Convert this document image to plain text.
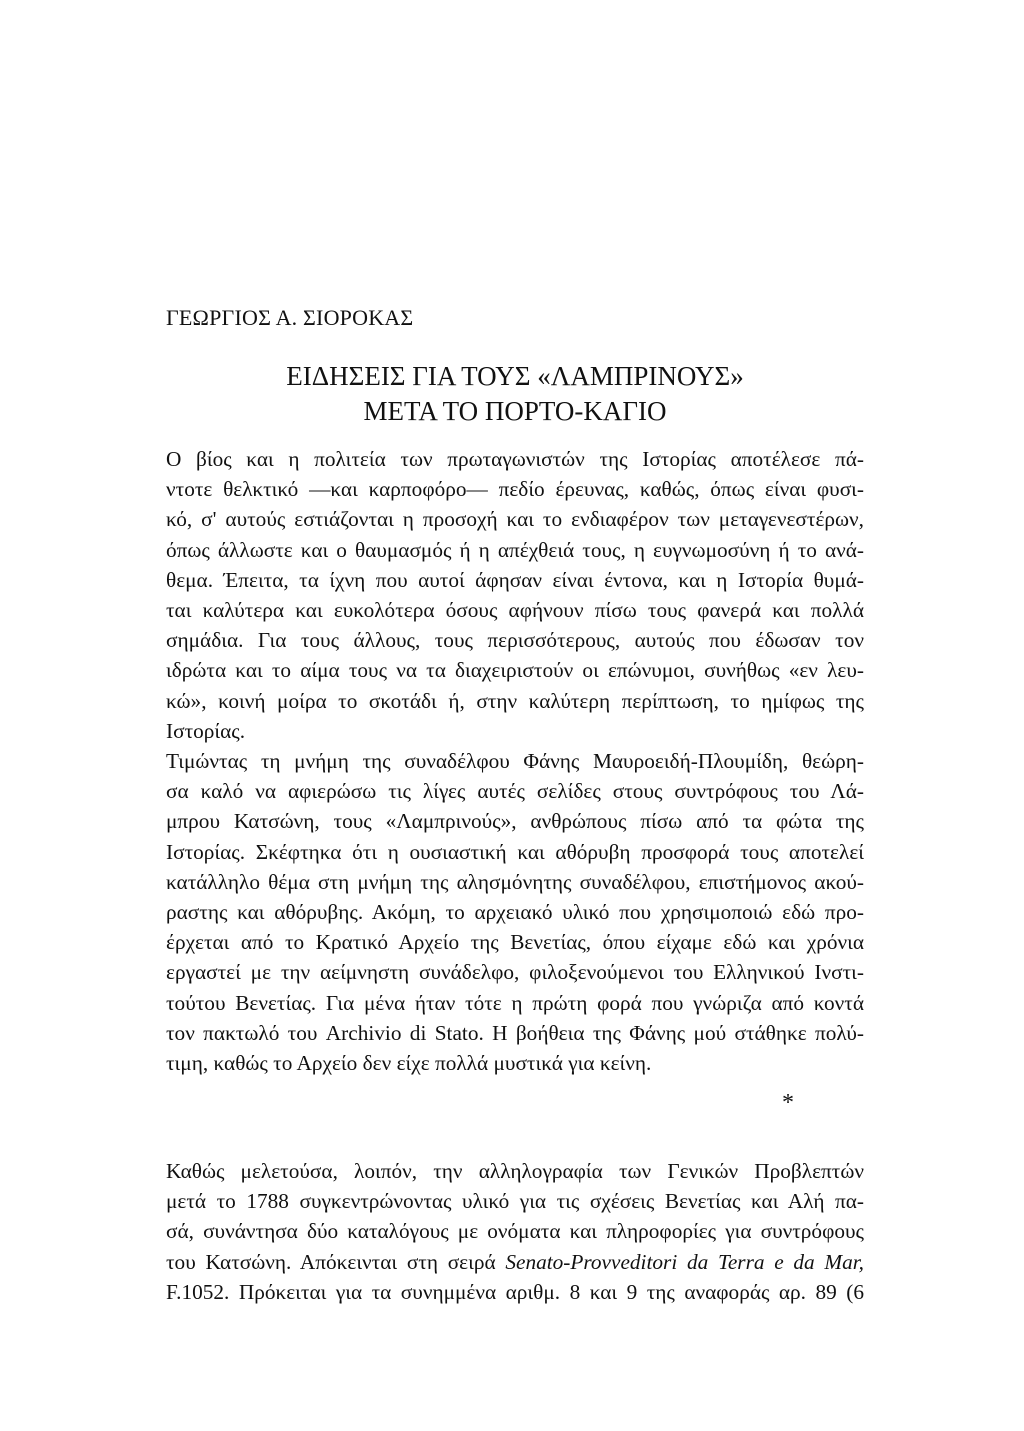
ΓΕΩΡΓΙΟΣ Α. ΣΙΟΡΟΚΑΣ

ΕΙΔΗΣΕΙΣ ΓΙΑ ΤΟΥΣ «ΛΑΜΠΡΙΝΟΥΣ»
ΜΕΤΑ ΤΟ ΠΟΡΤΟ-ΚΑΓΙΟ

Ο βίος και η πολιτεία των πρωταγωνιστών της Ιστορίας αποτέλεσε πά-
ντοτε θελκτικό —και καρποφόρο— πεδίο έρευνας, καθώς, όπως είναι φυσι-
κό, σ' αυτούς εστιάζονται η προσοχή και το ενδιαφέρον των μεταγενεστέρων,
όπως άλλωστε και ο θαυμασμός ή η απέχθειά τους, η ευγνωμοσύνη ή το ανά-
θεμα. Έπειτα, τα ίχνη που αυτοί άφησαν είναι έντονα, και η Ιστορία θυμά-
ται καλύτερα και ευκολότερα όσους αφήνουν πίσω τους φανερά και πολλά
σημάδια. Για τους άλλους, τους περισσότερους, αυτούς που έδωσαν τον
ιδρώτα και το αίμα τους να τα διαχειριστούν οι επώνυμοι, συνήθως «εν λευ-
κώ», κοινή μοίρα το σκοτάδι ή, στην καλύτερη περίπτωση, το ημίφως της
Ιστορίας.

Τιμώντας τη μνήμη της συναδέλφου Φάνης Μαυροειδή-Πλουμίδη, θεώρη-
σα καλό να αφιερώσω τις λίγες αυτές σελίδες στους συντρόφους του Λά-
μπρου Κατσώνη, τους «Λαμπρινούς», ανθρώπους πίσω από τα φώτα της
Ιστορίας. Σκέφτηκα ότι η ουσιαστική και αθόρυβη προσφορά τους αποτελεί
κατάλληλο θέμα στη μνήμη της αλησμόνητης συναδέλφου, επιστήμονος ακού-
ραστης και αθόρυβης. Ακόμη, το αρχειακό υλικό που χρησιμοποιώ εδώ προ-
έρχεται από το Κρατικό Αρχείο της Βενετίας, όπου είχαμε εδώ και χρόνια
εργαστεί με την αείμνηστη συνάδελφο, φιλοξενούμενοι του Ελληνικού Ινστι-
τούτου Βενετίας. Για μένα ήταν τότε η πρώτη φορά που γνώριζα από κοντά
τον πακτωλό του Archivio di Stato. Η βοήθεια της Φάνης μού στάθηκε πολύ-
τιμη, καθώς το Αρχείο δεν είχε πολλά μυστικά για κείνη.

*

Καθώς μελετούσα, λοιπόν, την αλληλογραφία των Γενικών Προβλεπτών
μετά το 1788 συγκεντρώνοντας υλικό για τις σχέσεις Βενετίας και Αλή πα-
σά, συνάντησα δύο καταλόγους με ονόματα και πληροφορίες για συντρόφους
του Κατσώνη. Απόκεινται στη σειρά Senato-Provveditori da Terra e da Mar,
F.1052. Πρόκειται για τα συνημμένα αριθμ. 8 και 9 της αναφοράς αρ. 89 (6
